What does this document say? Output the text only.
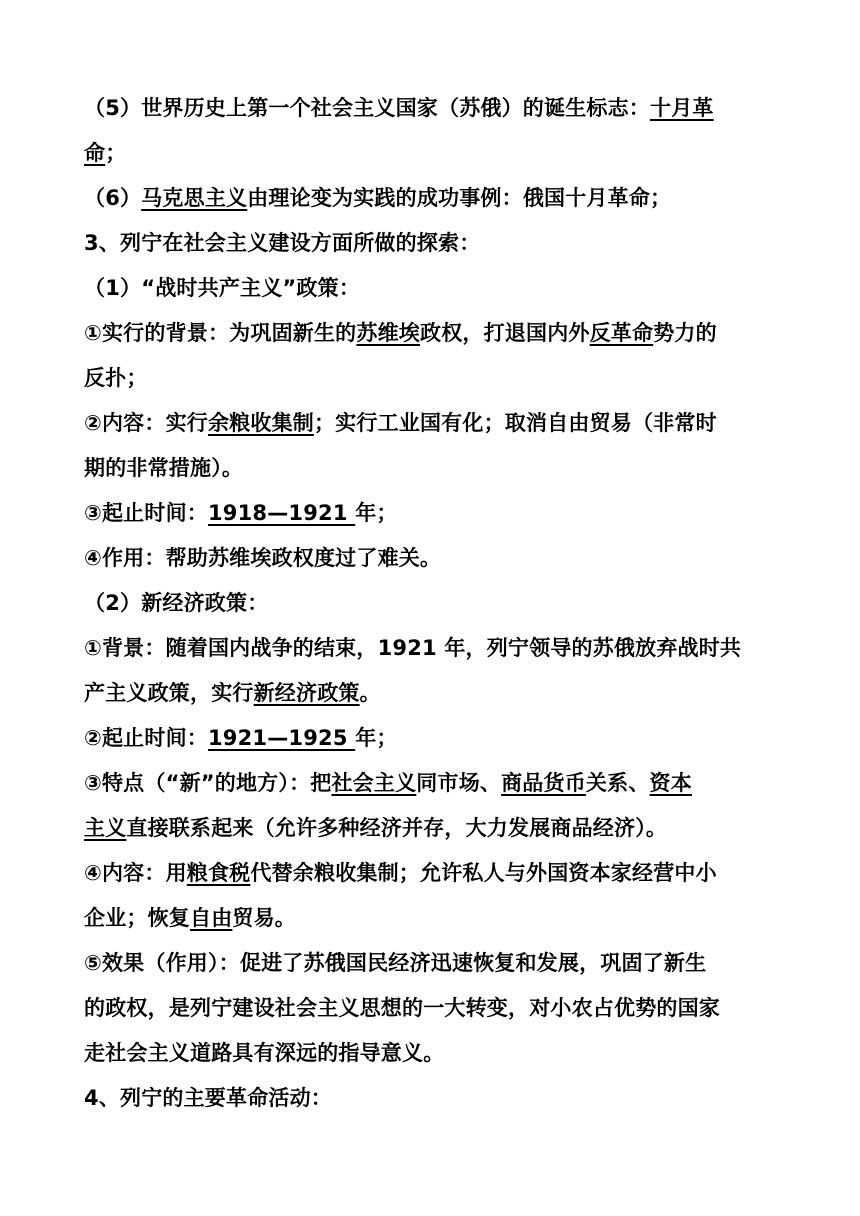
（5）世界历史上第一个社会主义国家（苏俄）的诞生标志：十月革
命；
（6）马克思主义由理论变为实践的成功事例：俄国十月革命；
3、列宁在社会主义建设方面所做的探索：
（1）“战时共产主义”政策：
①实行的背景：为巩固新生的苏维埃政权，打退国内外反革命势力的
反扑；
②内容：实行余粮收集制；实行工业国有化；取消自由贸易（非常时
期的非常措施）。
③起止时间：1918—1921 年；
④作用：帮助苏维埃政权度过了难关。
（2）新经济政策：
①背景：随着国内战争的结束，1921 年，列宁领导的苏俄放弃战时共
产主义政策，实行新经济政策。
②起止时间：1921—1925 年；
③特点（“新”的地方）：把社会主义同市场、商品货币关系、资本
主义直接联系起来（允许多种经济并存，大力发展商品经济）。
④内容：用粮食税代替余粮收集制；允许私人与外国资本家经营中小
企业；恢复自由贸易。
⑤效果（作用）：促进了苏俄国民经济迅速恢复和发展，巩固了新生
的政权，是列宁建设社会主义思想的一大转变，对小农占优势的国家
走社会主义道路具有深远的指导意义。
4、列宁的主要革命活动：
